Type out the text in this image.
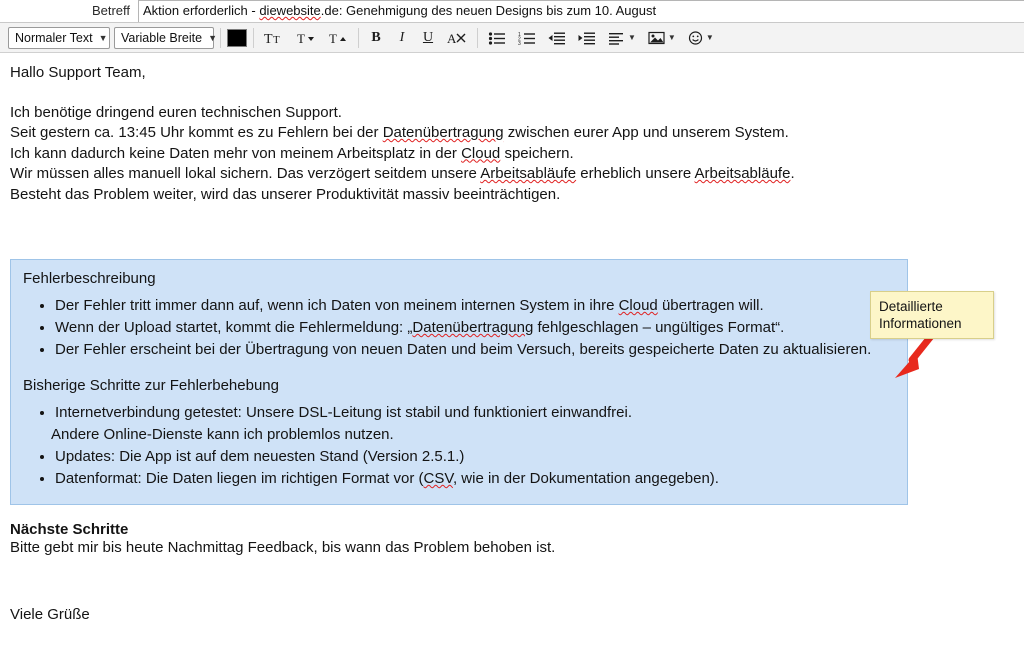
Betreff	Aktion erforderlich - diewebsite.de: Genehmigung des neuen Designs bis zum 10. August
Normaler Text ▼ Variable Breite ▼	T T T T	B	I	U	A	1
2
3
▼	▼	▼
Hallo Support Team,
Ich benötige dringend euren technischen Support.
Seit gestern ca. 13:45 Uhr kommt es zu Fehlern bei der Datenübertragung zwischen eurer App und unserem System.
Ich kann dadurch keine Daten mehr von meinem Arbeitsplatz in der Cloud speichern.
Wir müssen alles manuell lokal sichern. Das verzögert seitdem unsere Arbeitsabläufe erheblich unsere Arbeitsabläufe.
Besteht das Problem weiter, wird das unserer Produktivität massiv beeinträchtigen.
Fehlerbeschreibung
• Der Fehler tritt immer dann auf, wenn ich Daten von meinem internen System in ihre Cloud übertragen will.
• Wenn der Upload startet, kommt die Fehlermeldung: „Datenübertragung fehlgeschlagen – ungültiges Format“.
• Der Fehler erscheint bei der Übertragung von neuen Daten und beim Versuch, bereits gespeicherte Daten zu aktualisieren.
Bisherige Schritte zur Fehlerbehebung
• Internetverbindung getestet: Unsere DSL-Leitung ist stabil und funktioniert einwandfrei.
Andere Online-Dienste kann ich problemlos nutzen.
• Updates: Die App ist auf dem neuesten Stand (Version 2.5.1.)
• Datenformat: Die Daten liegen im richtigen Format vor (CSV, wie in der Dokumentation angegeben).
Nächste Schritte
Bitte gebt mir bis heute Nachmittag Feedback, bis wann das Problem behoben ist.
Viele Grüße
Detaillierte
Informationen
